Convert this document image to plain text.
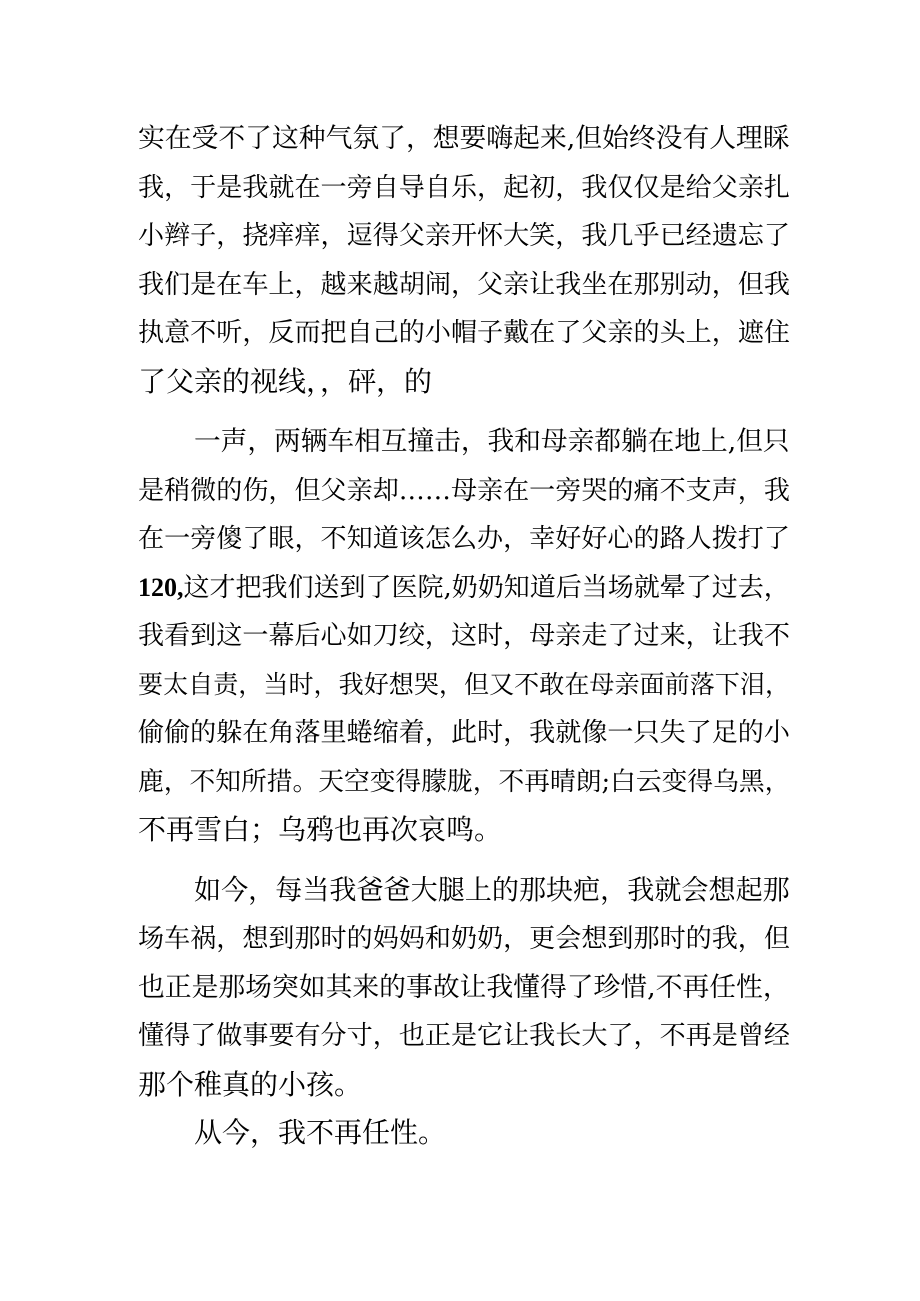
实在受不了这种气氛了，想要嗨起来,但始终没有人理睬
我，于是我就在一旁自导自乐，起初，我仅仅是给父亲扎
小辫子，挠痒痒，逗得父亲开怀大笑，我几乎已经遗忘了
我们是在车上，越来越胡闹，父亲让我坐在那别动，但我
执意不听，反而把自己的小帽子戴在了父亲的头上，遮住
了父亲的视线，，砰，的
一声，两辆车相互撞击，我和母亲都躺在地上,但只
是稍微的伤，但父亲却……母亲在一旁哭的痛不支声，我
在一旁傻了眼，不知道该怎么办，幸好好心的路人拨打了
120,这才把我们送到了医院,奶奶知道后当场就晕了过去，
我看到这一幕后心如刀绞，这时，母亲走了过来，让我不
要太自责，当时，我好想哭，但又不敢在母亲面前落下泪，
偷偷的躲在角落里蜷缩着，此时，我就像一只失了足的小
鹿，不知所措。天空变得朦胧，不再晴朗;白云变得乌黑，
不再雪白；乌鸦也再次哀鸣。
如今，每当我爸爸大腿上的那块疤，我就会想起那
场车祸，想到那时的妈妈和奶奶，更会想到那时的我，但
也正是那场突如其来的事故让我懂得了珍惜,不再任性，
懂得了做事要有分寸，也正是它让我长大了，不再是曾经
那个稚真的小孩。
从今，我不再任性。
